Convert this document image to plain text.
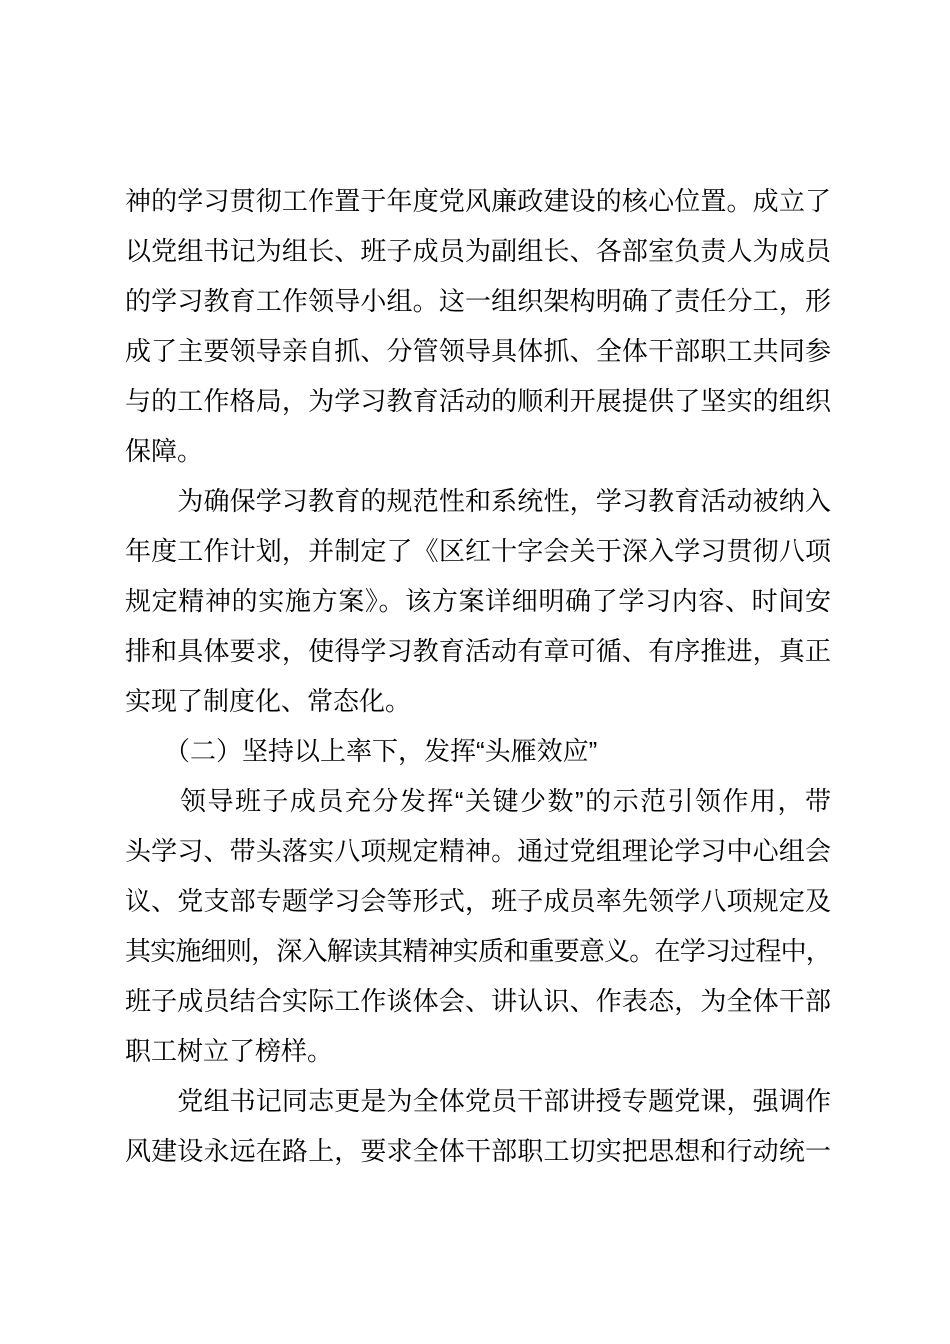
神的学习贯彻工作置于年度党风廉政建设的核心位置。成立了
以党组书记为组长、班子成员为副组长、各部室负责人为成员
的学习教育工作领导小组。这一组织架构明确了责任分工，形
成了主要领导亲自抓、分管领导具体抓、全体干部职工共同参
与的工作格局，为学习教育活动的顺利开展提供了坚实的组织
保障。
　　为确保学习教育的规范性和系统性，学习教育活动被纳入
年度工作计划，并制定了《区红十字会关于深入学习贯彻八项
规定精神的实施方案》。该方案详细明确了学习内容、时间安
排和具体要求，使得学习教育活动有章可循、有序推进，真正
实现了制度化、常态化。
　　（二）坚持以上率下，发挥“头雁效应”
　　领导班子成员充分发挥“关键少数”的示范引领作用，带
头学习、带头落实八项规定精神。通过党组理论学习中心组会
议、党支部专题学习会等形式，班子成员率先领学八项规定及
其实施细则，深入解读其精神实质和重要意义。在学习过程中，
班子成员结合实际工作谈体会、讲认识、作表态，为全体干部
职工树立了榜样。
　　党组书记同志更是为全体党员干部讲授专题党课，强调作
风建设永远在路上，要求全体干部职工切实把思想和行动统一
